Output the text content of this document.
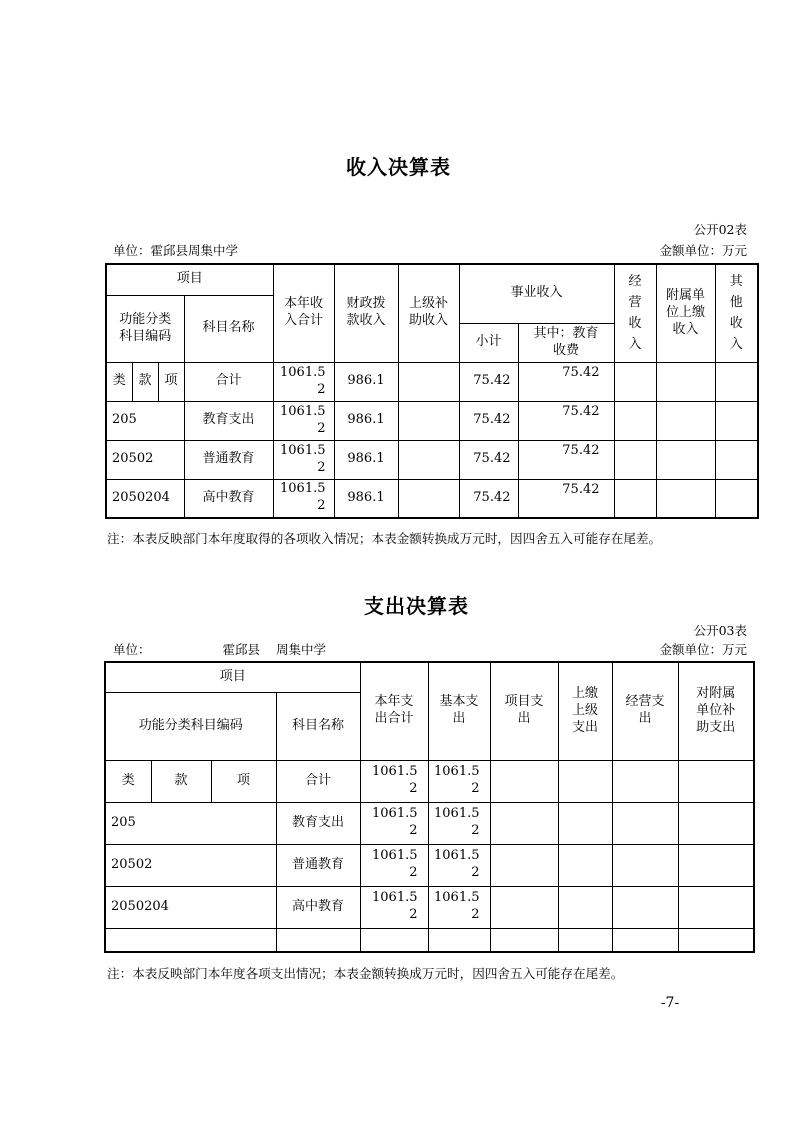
收入决算表
公开02表
单位：霍邱县周集中学	金额单位：万元
项目				本年收入合计	财政拨款收入	上级补助收入	事业收入		经营收入	附属单位上缴收入	其他收入

功能分类科目编码			科目名称								
							小计	其中：教育收费			
类	款	项	合计	1061.52	986.1		75.42	75.42			
205			教育支出	1061.52	986.1		75.42	75.42			
20502			普通教育	1061.52	986.1		75.42	75.42			
2050204			高中教育	1061.52	986.1		75.42	75.42			
注：本表反映部门本年度取得的各项收入情况；本表金额转换成万元时，因四舍五入可能存在尾差。
支出决算表
公开03表
单位：	霍邱县 周集中学	金额单位：万元
项目				本年支出合计	基本支出	项目支出	上缴上级支出	经营支出	对附属单位补助支出

功能分类科目编码			科目名称						
类	款	项	合计	1061.52	1061.52				
205			教育支出	1061.52	1061.52				
20502			普通教育	1061.52	1061.52				
2050204			高中教育	1061.52	1061.52				

注：本表反映部门本年度各项支出情况；本表金额转换成万元时，因四舍五入可能存在尾差。
-7-
